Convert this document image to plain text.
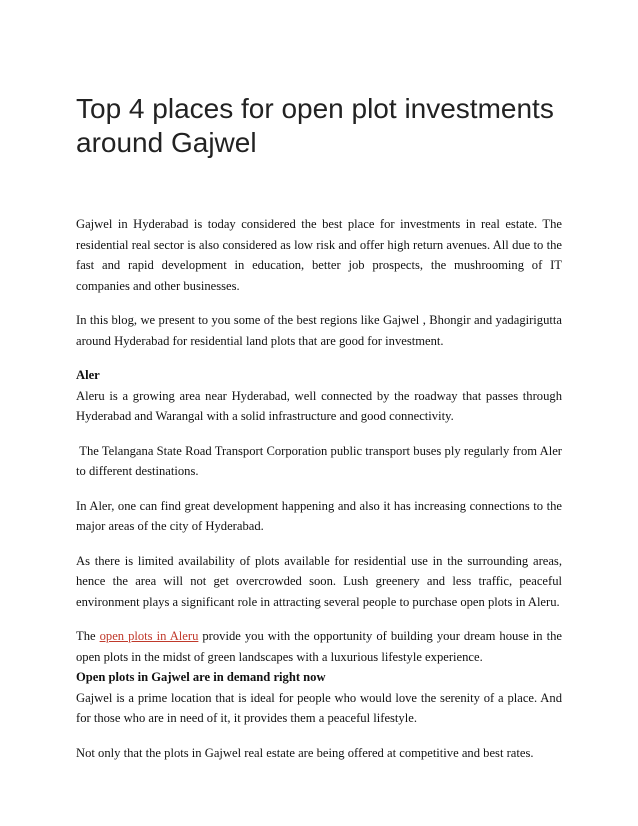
Top 4 places for open plot investments around Gajwel

Gajwel in Hyderabad is today considered the best place for investments in real estate. The residential real sector is also considered as low risk and offer high return avenues. All due to the fast and rapid development in education, better job prospects, the mushrooming of IT companies and other businesses.

In this blog, we present to you some of the best regions like Gajwel , Bhongir and yadagirigutta around Hyderabad for residential land plots that are good for investment.

Aler

Aleru is a growing area near Hyderabad, well connected by the roadway that passes through Hyderabad and Warangal with a solid infrastructure and good connectivity.

The Telangana State Road Transport Corporation public transport buses ply regularly from Aler to different destinations.

In Aler, one can find great development happening and also it has increasing connections to the major areas of the city of Hyderabad.

As there is limited availability of plots available for residential use in the surrounding areas, hence the area will not get overcrowded soon. Lush greenery and less traffic, peaceful environment plays a significant role in attracting several people to purchase open plots in Aleru.

The open plots in Aleru provide you with the opportunity of building your dream house in the open plots in the midst of green landscapes with a luxurious lifestyle experience.

Open plots in Gajwel are in demand right now

Gajwel is a prime location that is ideal for people who would love the serenity of a place. And for those who are in need of it, it provides them a peaceful lifestyle.

Not only that the plots in Gajwel real estate are being offered at competitive and best rates.
